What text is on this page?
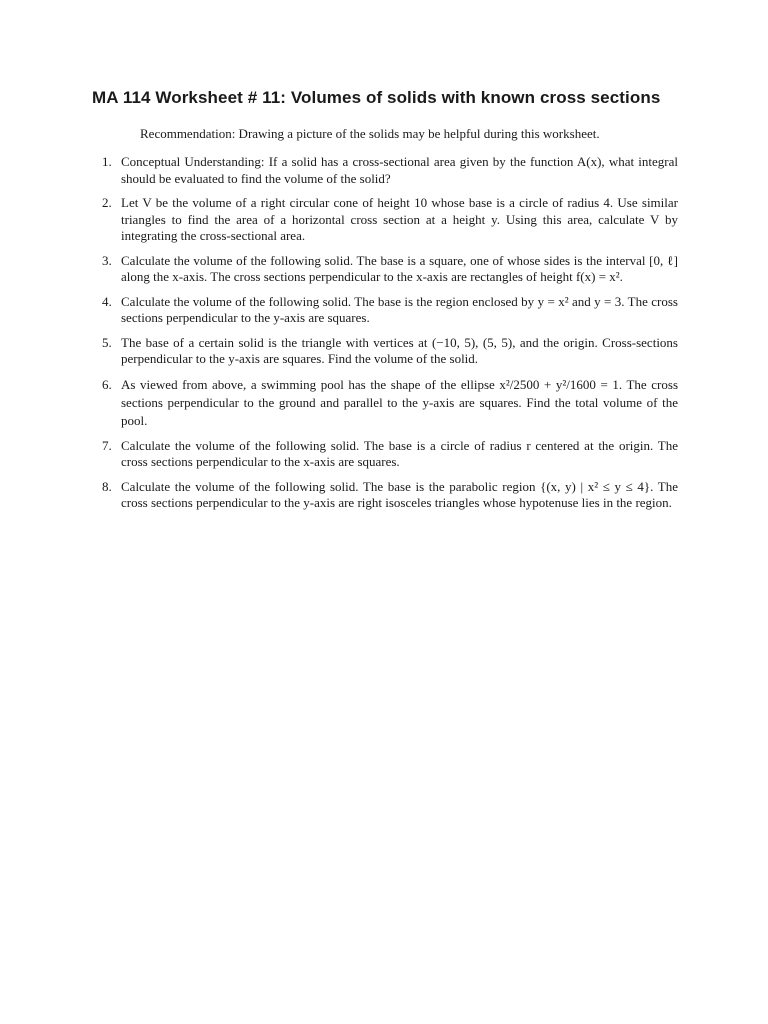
MA 114 Worksheet # 11: Volumes of solids with known cross sections
Recommendation: Drawing a picture of the solids may be helpful during this worksheet.
1. Conceptual Understanding: If a solid has a cross-sectional area given by the function A(x), what integral should be evaluated to find the volume of the solid?
2. Let V be the volume of a right circular cone of height 10 whose base is a circle of radius 4. Use similar triangles to find the area of a horizontal cross section at a height y. Using this area, calculate V by integrating the cross-sectional area.
3. Calculate the volume of the following solid. The base is a square, one of whose sides is the interval [0, ℓ] along the x-axis. The cross sections perpendicular to the x-axis are rectangles of height f(x) = x².
4. Calculate the volume of the following solid. The base is the region enclosed by y = x² and y = 3. The cross sections perpendicular to the y-axis are squares.
5. The base of a certain solid is the triangle with vertices at (−10, 5), (5, 5), and the origin. Cross-sections perpendicular to the y-axis are squares. Find the volume of the solid.
6. As viewed from above, a swimming pool has the shape of the ellipse x²/2500 + y²/1600 = 1. The cross sections perpendicular to the ground and parallel to the y-axis are squares. Find the total volume of the pool.
7. Calculate the volume of the following solid. The base is a circle of radius r centered at the origin. The cross sections perpendicular to the x-axis are squares.
8. Calculate the volume of the following solid. The base is the parabolic region {(x, y) | x² ≤ y ≤ 4}. The cross sections perpendicular to the y-axis are right isosceles triangles whose hypotenuse lies in the region.
